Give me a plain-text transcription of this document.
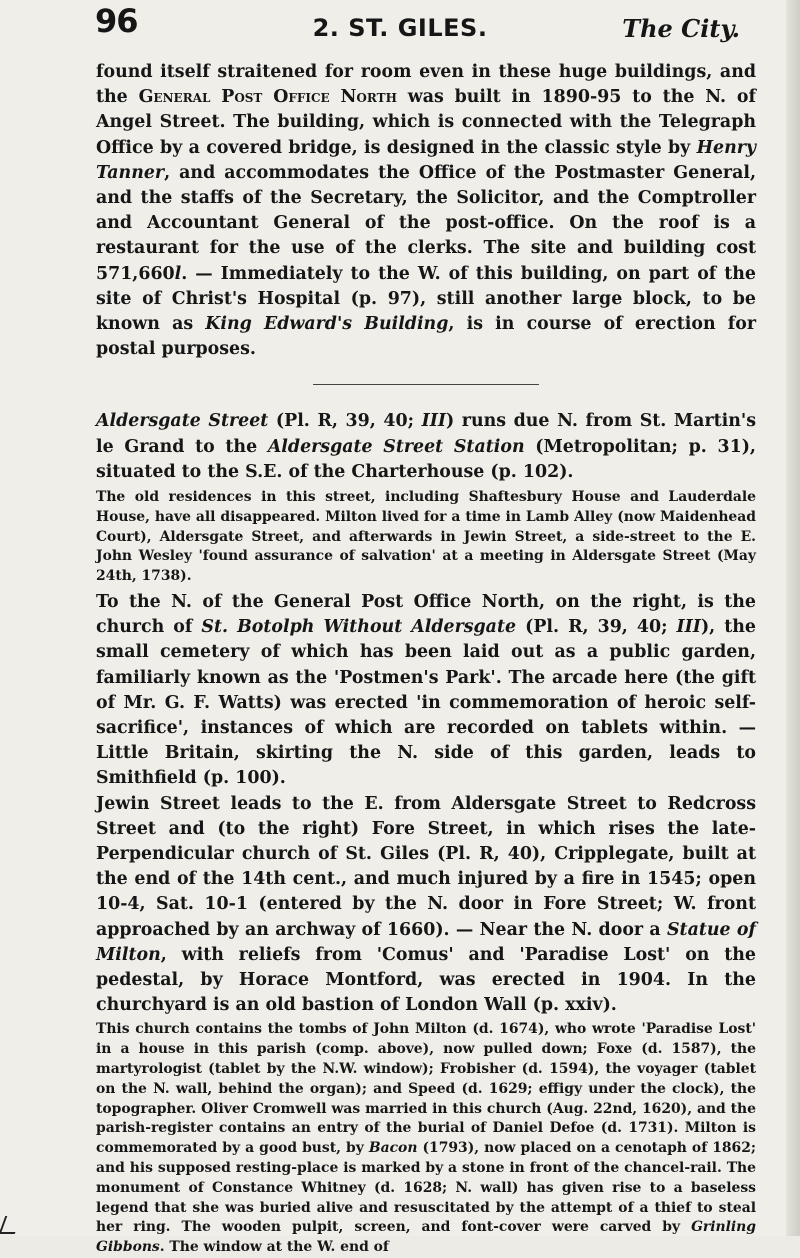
96	2. ST. GILES.	The City.

found itself straitened for room even in these huge buildings, and the General Post Office North was built in 1890-95 to the N. of Angel Street. The building, which is connected with the Telegraph Office by a covered bridge, is designed in the classic style by Henry Tanner, and accommodates the Office of the Postmaster General, and the staffs of the Secretary, the Solicitor, and the Comptroller and Accountant General of the post-office. On the roof is a restaurant for the use of the clerks. The site and building cost 571,660l. — Immediately to the W. of this building, on part of the site of Christ's Hospital (p. 97), still another large block, to be known as King Edward's Building, is in course of erection for postal purposes.

Aldersgate Street (Pl. R, 39, 40; III) runs due N. from St. Martin's le Grand to the Aldersgate Street Station (Metropolitan; p. 31), situated to the S.E. of the Charterhouse (p. 102).

The old residences in this street, including Shaftesbury House and Lauderdale House, have all disappeared. Milton lived for a time in Lamb Alley (now Maidenhead Court), Aldersgate Street, and afterwards in Jewin Street, a side-street to the E. John Wesley 'found assurance of salvation' at a meeting in Aldersgate Street (May 24th, 1738).

To the N. of the General Post Office North, on the right, is the church of St. Botolph Without Aldersgate (Pl. R, 39, 40; III), the small cemetery of which has been laid out as a public garden, familiarly known as the 'Postmen's Park'. The arcade here (the gift of Mr. G. F. Watts) was erected 'in commemoration of heroic self-sacrifice', instances of which are recorded on tablets within. — Little Britain, skirting the N. side of this garden, leads to Smithfield (p. 100).

Jewin Street leads to the E. from Aldersgate Street to Redcross Street and (to the right) Fore Street, in which rises the late-Perpendicular church of St. Giles (Pl. R, 40), Cripplegate, built at the end of the 14th cent., and much injured by a fire in 1545; open 10-4, Sat. 10-1 (entered by the N. door in Fore Street; W. front approached by an archway of 1660). — Near the N. door a Statue of Milton, with reliefs from 'Comus' and 'Paradise Lost' on the pedestal, by Horace Montford, was erected in 1904. In the churchyard is an old bastion of London Wall (p. xxiv).

This church contains the tombs of John Milton (d. 1674), who wrote 'Paradise Lost' in a house in this parish (comp. above), now pulled down; Foxe (d. 1587), the martyrologist (tablet by the N.W. window); Frobisher (d. 1594), the voyager (tablet on the N. wall, behind the organ); and Speed (d. 1629; effigy under the clock), the topographer. Oliver Cromwell was married in this church (Aug. 22nd, 1620), and the parish-register contains an entry of the burial of Daniel Defoe (d. 1731). Milton is commemorated by a good bust, by Bacon (1793), now placed on a cenotaph of 1862; and his supposed resting-place is marked by a stone in front of the chancel-rail. The monument of Constance Whitney (d. 1628; N. wall) has given rise to a baseless legend that she was buried alive and resuscitated by the attempt of a thief to steal her ring. The wooden pulpit, screen, and font-cover were carved by Grinling Gibbons. The window at the W. end of
